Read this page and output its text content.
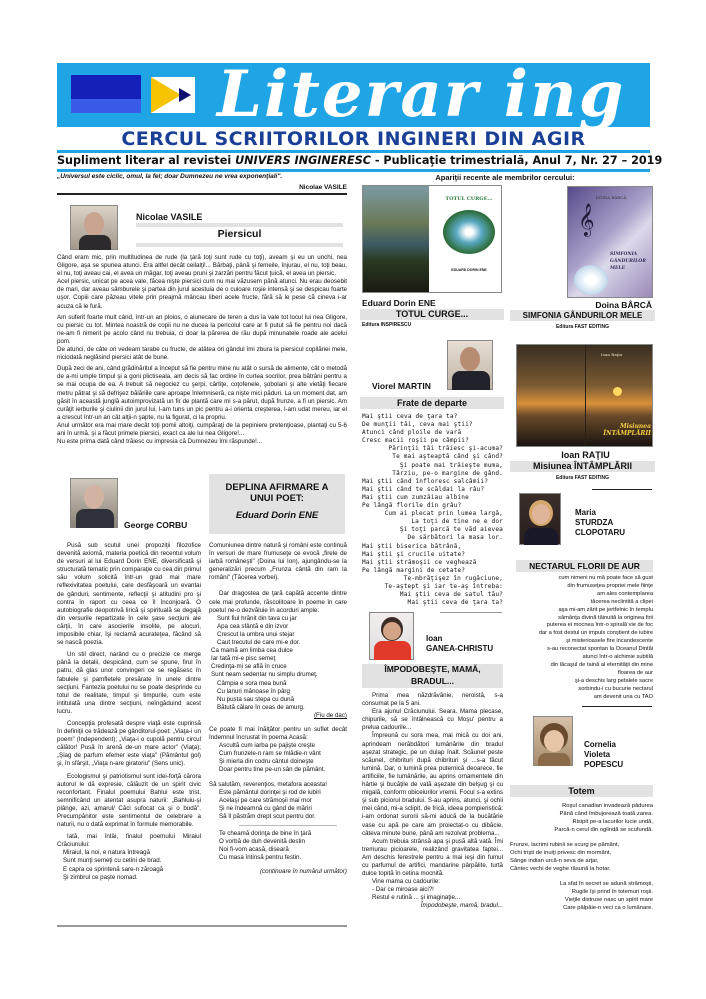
Literar ing
CERCUL SCRIITORILOR INGINERI DIN AGIR
Supliment literar al revistei UNIVERS INGINERESC - Publicaţie trimestrială, Anul 7, Nr. 27 – 2019
„Universul este ciclic, omul, la fel; doar Dumnezeu ne vrea exponenţiali".
Nicolae VASILE
Nicolae VASILE
Piersicul

Când eram mic, prin multitudinea de rude (la ţară toţi sunt rude cu toţi), aveam şi eu un unchi, nea Gligore, aşa se spunea atunci. Era altfel decât ceilalţi!... Bărbaţi, până şi femeile, înjurau, el nu, toţi beau, el nu, toţi aveau cai, el avea un măgar, toţi aveau pruni şi zarzări pentru făcut ţuică, el avea un piersic.

Acel piersic, unicat pe acea vale, făcea nişte piersici cum nu mai văzusem până atunci. Nu erau deosebit de mari, dar aveau sâmburele şi partea din jurul acestuia de o culoare roşie intensă şi se despicau foarte uşor. Copiii care păzeau vitele prin preajmă mâncau liberi acele fructe, fără să le pese că cineva i-ar acuza că le fură.

Am suferit foarte mult când, într-un an ploios, o alunecare de teren a dus la vale tot locul lui nea Gligore, cu piersic cu tot. Mintea noastră de copii nu ne ducea la pericolul care ar fi putut să fie pentru noi dacă ne-am fi nimerit pe acolo când nu trebuia, ci doar la părerea de rău după minunatele roade ale acelui pom.

De atunci, de câte ori vedeam tarabe cu fructe, de atâtea ori gândul îmi zbura la piersicul copilăriei mele, niciodată neglăsind piersici atât de bune.

După zeci de ani, când grădinăritul a început să fie pentru mine nu atât o sursă de alimente, cât o metodă de a-mi umple timpul şi a goni plictiseala, am decis să fac ordine în curtea socrilor, prea bătrâni pentru a se mai ocupa de ea. A trebuit să negociez cu şerpi, cârtiţe, coţofenele, şobolani şi alte vietăţi fiecare metru pătrat şi să defrişez bălăriile care aproape înlemniseră, ca nişte mici păduri. La un moment dat, am găsit în această junglă autoimprovizată un fir de plantă care mi s-a părut, după frunze, a fi un piersic. Am curăţit ierburile şi ciulinii din jurul lui, l-am tuns un pic pentru a-i orienta creşterea, l-am udat mereu, iar el a crescut într-un an cât alţii-n şapte, nu la figurat, ci la propriu.

Anul următor era mai mare decât toţi pomii altoiţi, cumpăraţi de la pepiniere pretenţioase, plantaţi cu 5-6 ani în urmă, şi a făcut primele piersici, exact ca ale lui nea Gligore!...

Nu este prima dată când trăiesc cu impresia că Dumnezeu îmi răspunde!...

George CORBU
DEPLINA AFIRMARE A UNUI POET:
Eduard Dorin ENE

Pusă sub scutul unei propoziţii filozofice devenită axiomă, materia poetică din recentul volum de versuri al lui Eduard Dorin ENE, diversificată şi structurată tematic prin comparaţie cu cea din primul său volum solicită într-un grad mai mare reflexivitatea poetului, care desfăşoară un evantai de gânduri, sentimente, reflecţii şi atitudini pro şi contra în raport cu ceea ce îl înconjoară. O autobiografie deopotrivă lirică şi spirituală se degajă din versurile repartizate în cele şase secţiuni ale cărţii, în care asocierile insolite, pe alocuri, imposibile chiar, îşi reclamă acurateţea, făcând să se nască poezia.

Un stil direct, narând cu o precizie ce merge până la detalii, despicând, cum se spune, firul în patru, dă glas unor convingeri ce se regăsesc în fabulele şi pamfletele presărate în unele dintre secţiuni. Fantezia poetului nu se poate desprinde cu totul de realitate, timpul şi timpurile, cum este intitulată una dintre secţiuni, neîngăduind acest lucru.

Concepţia profesată despre viaţă este cuprinsă în definiţii ce trădează pe gânditorul-poet: „Viaţa-i un poem" (Independent); „Viaţa-i o cupolă pentru circul călător! Pusă în arenă de-un mare actor" (Viaţa); „Şiag de parfum efemer este viaţa" (Pământul gol) şi, în sfârşit, „Viaţa n-are giratoriu" (Sens unic).

Ecologismul şi patriotismul sunt idei-forţă cărora autorul le dă expresie, călăuzit de un spirit civic reconfortant. Finalul poemului Bahlui este trist, semnificând un atentat asupra naturii: „Bahluiu-şi plânge, azi, amarul/ Căci sufocat ca şi o budă". Precumpănitor este sentimentul de celebrare a naturii, nu o dată exprimat în formule memorabile.

Iată, mai întâi, finalul poemului Miraiul Crăciunului:

Miraiul, la noi, e natura întreagă
Sunt munţi semeţi cu cetini de brad.
E capra ce sprintenă sare-n zăroagă
Şi zimbrul ce paşte nomad.

Comuniunea dintre natură şi români este continuă în versuri de mare frumuseţe ce evocă „firele de iarbă româneşti" (Doina lui Ion), ajungându-se la generalizări precum „Frunza cântă din ram la români" (Tăcerea vorbei).

Dar dragostea de ţară capătă accente dintre cele mai profunde, răscolitoare în poeme în care poetul ne-o dezvăluie în acorduri ample:

Sunt fiul hrănit din tava cu jar
Apa cea sfântă e din izvor
Crescut la umbra unui stejar
Caut trecutul de care mi-e dor.
Ca mamă am limba cea dulce
Iar tată mi-e pisc semeţ
Credinţa-mi se află în cruce
Sunt neam sedentar nu simplu drumeţ.
Câmpia e sora mea bună
Cu lanuri mănoase în pârg
Nu pusta sau stepa cu dună
Bătută călare în ceas de amurg.
(Fiu de dac)

Ce poate fi mai înălţător pentru un suflet decât îndemnul încrustat în poema Acasă:

Ascultă cum iarba pe pajişte creşte
Cum frunzele-n ram se mlădie-n vânt
Şi mierla din codru cântul doineşte
Doar pentru tine pe-un sân de pământ.

Să salutăm, reverenţios, metafora aceasta!

Este pământul dorinţei şi rod de iubiri
Acelaşi pe care strămoşii mai mor
Şi ne îndeamnă cu gând de măriri
Să îl păstrăm drept scut pentru dor.
Te cheamă dorinţa de bine în ţară
O vorbă de duh devenită destin
Noi fi-vom acasă, diseară
Cu masa întinsă pentru festin.
(continuare în numărul următor)
Apariţii recente ale membrilor cercului:
TOTUL CURGE...
EDUARD DORIN ENE
Eduard Dorin ENE
TOTUL CURGE...
Editura INSPIRESCU
DOINA BÂRCĂ
𝄞
SIMFONIA GÂNDURILOR MELE
Doina BÂRCĂ
SIMFONIA GÂNDURILOR MELE
Editura FAST EDITING
Viorel MARTIN
Frate de departe
Mai ştii ceva de ţara ta?
De munţii tăi, ceva mai ştii?
Atunci când ploile de vară
Cresc macii roşii pe câmpii?
Părinţii tăi trăiesc şi-acuma?
Te mai aşteaptă când şi când?
Şi poate mai trăieşte muma,
Târziu, pe-o margine de gând.
Mai ştii când înfloresc salcâmii?
Mai ştii când te scăldai la râu?
Mai ştii cum zumzăiau albine
Pe lângă florile din grâu?
Cum ai plecat prin lumea largă,
La toţi de tine ne e dor
Şi toţi parcă te văd aievea
De sărbători la masa lor.
Mai ştii biserica bătrână,
Mai ştii şi crucile uitate?
Mai ştii strămoşii ce veghează
Pe lângă margini de cetate?
Te-mbrăţişez în rugăciune,
Te-aştept şi iar te-aş întreba:
Mai ştii ceva de satul tău?
Mai ştii ceva de ţara ta?
Ioan Raţiu
Misiunea ÎNTÂMPLĂRII
Ioan RAŢIU
Misiunea ÎNTÂMPLĂRII
Editura FAST EDITING
Maria
STURDZA
CLOPOTARU
NECTARUL FLORII DE AUR
cum nimeni nu mă poate face să gust
din frumuseţea propriei mele fiinţe
am ales contemplarea
tăcerea neclintită a clipei
aşa mi-am zărit pe jertfelnic în templu
sămânţa divină tăinuită la originea firii
puterea ei mocnea într-o spirală vie de foc
dar a fost destul un impuls conştient de iubire
şi misterioasele fire incandescente
s-au reconectat spontan la Oceanul Dintâi
atunci într-o alchimie subtilă
din lăcaşul de taină al eternităţii din mine
floarea de aur
şi-a deschis larg petalele sacre
sorbindu-i cu bucurie nectarul
am devenit una cu TAO
Ioan
GANEA-CHRISTU
ÎMPODOBEŞTE, MAMĂ, BRADUL...

Prima mea năzdrăvănie, neroistă, s-a consumat pe la 5 ani.

Era ajunul Crăciunului. Seara. Mama plecase, chipurile, să se întâlnească cu Moşu' pentru a prelua cadourile...

Împreună cu sora mea, mai mică cu doi ani, aprindeam nerăbdători lumânările din bradul aşezat strategic, pe un dulap înalt. Scăunel peste scăunel, chibrituri după chibrituri şi ...s-a făcut lumină. Dar, o lumină prea puternică deoarece, fie artificiile, fie lumânările, au aprins ornamentele din hârtie şi bucăţile de vată aşezate din belşug şi cu migală, conform obiceiurilor vremii. Focul s-a extins şi sub piciorul bradului. S-au aprins, atunci, şi ochii mei când, mi-a sclipit, de frică, ideea pompieristică: i-am ordonat surorii să-mi aducă de la bucătărie vase cu apă pe care am proiectat-o cu dibăcie, câteva minute bune, până am rezolvat problema...

Acum trebuia strânsă apa şi pusă altă vată. Îmi tremurau picioarele, realizând gravitatea faptei... Am deschis ferestrele pentru a mai ieşi din fumul cu parfumul de artifici, mandarine pârpălite, turtă dulce topită în cetina mocnită.

Vine mama cu cadourile:
- Dar ce miroase aici?!
Restul e rutină ... şi imaginaţie...
Împodobeşte, mamă, bradul...
Cornelia
Violeta
POPESCU
Totem
Roşul canadian invadează pădurea
Până când îmbujorează toată zarea.
Risipit pe-a lacurilor lucie undă,
Parcă-n cerul din oglindă se scufundă.
Frunze, lacrimi rubinii se scurg pe pământ,
Ochi trişti de inuiţi privesc din mormânt,
Sânge indian urcă-n seva de arţar,
Cântec vechi de veghe răsună la hotar.
La sfat în secret se adună strămoşii,
Rugile îşi prind în totemuri roşii.
Vieţile distruse nasc un spirit mare
Care pâlpâie-n veci ca o lumânare.
